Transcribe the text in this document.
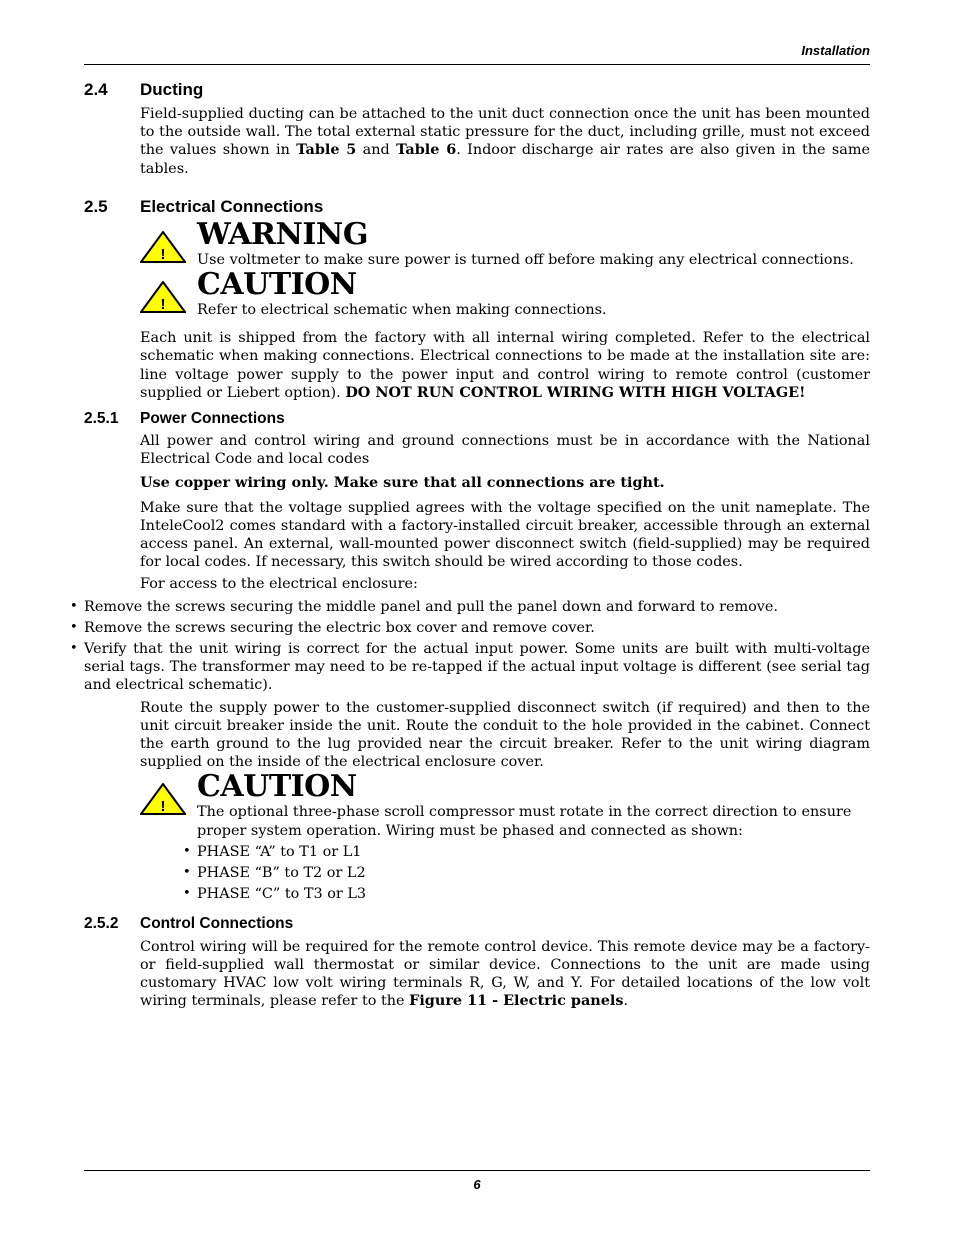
Installation
2.4	Ducting
Field-supplied ducting can be attached to the unit duct connection once the unit has been mounted to the outside wall. The total external static pressure for the duct, including grille, must not exceed the values shown in Table 5 and Table 6. Indoor discharge air rates are also given in the same tables.
2.5	Electrical Connections
!
WARNING
Use voltmeter to make sure power is turned off before making any electrical connections.
!
CAUTION
Refer to electrical schematic when making connections.
Each unit is shipped from the factory with all internal wiring completed. Refer to the electrical schematic when making connections. Electrical connections to be made at the installation site are: line voltage power supply to the power input and control wiring to remote control (customer supplied or Liebert option). DO NOT RUN CONTROL WIRING WITH HIGH VOLTAGE!
2.5.1	Power Connections
All power and control wiring and ground connections must be in accordance with the National Electrical Code and local codes
Use copper wiring only. Make sure that all connections are tight.
Make sure that the voltage supplied agrees with the voltage specified on the unit nameplate. The InteleCool2 comes standard with a factory-installed circuit breaker, accessible through an external access panel. An external, wall-mounted power disconnect switch (field-supplied) may be required for local codes. If necessary, this switch should be wired according to those codes.
For access to the electrical enclosure:
•
Remove the screws securing the middle panel and pull the panel down and forward to remove.
•
Remove the screws securing the electric box cover and remove cover.
•
Verify that the unit wiring is correct for the actual input power. Some units are built with multi-voltage serial tags. The transformer may need to be re-tapped if the actual input voltage is different (see serial tag and electrical schematic).
Route the supply power to the customer-supplied disconnect switch (if required) and then to the unit circuit breaker inside the unit. Route the conduit to the hole provided in the cabinet. Connect the earth ground to the lug provided near the circuit breaker. Refer to the unit wiring diagram supplied on the inside of the electrical enclosure cover.
!
CAUTION
The optional three-phase scroll compressor must rotate in the correct direction to ensure proper system operation. Wiring must be phased and connected as shown:
•
PHASE “A” to T1 or L1
•
PHASE “B” to T2 or L2
•
PHASE “C” to T3 or L3
2.5.2	Control Connections
Control wiring will be required for the remote control device. This remote device may be a factory- or field-supplied wall thermostat or similar device. Connections to the unit are made using customary HVAC low volt wiring terminals R, G, W, and Y. For detailed locations of the low volt wiring terminals, please refer to the Figure 11 - Electric panels.
6
